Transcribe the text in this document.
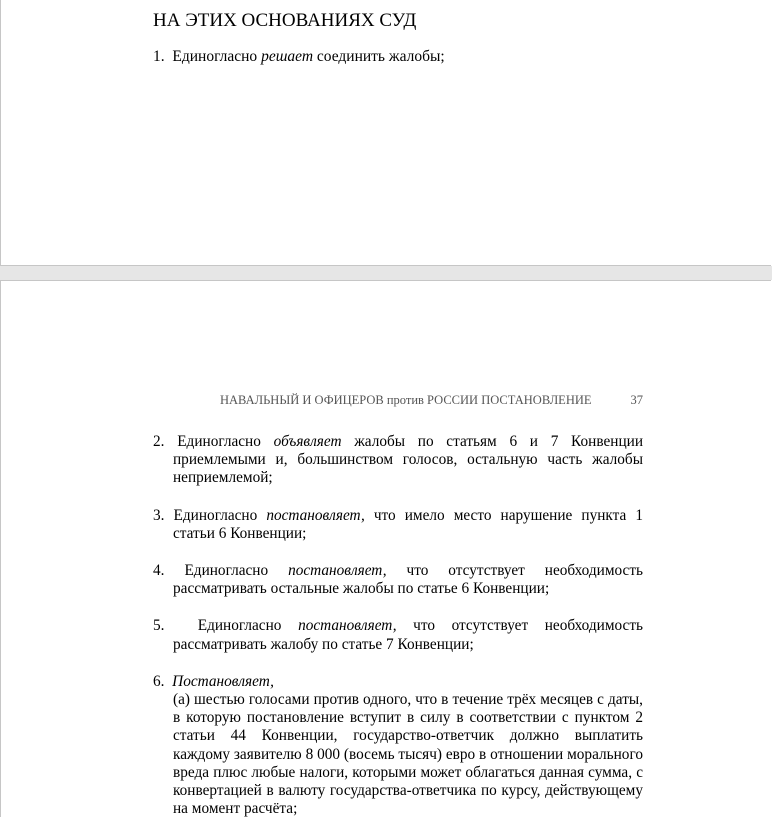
НА ЭТИХ ОСНОВАНИЯХ СУД
1. Единогласно решает соединить жалобы;
НАВАЛЬНЫЙ И ОФИЦЕРОВ против РОССИИ ПОСТАНОВЛЕНИЕ	37

2. Единогласно объявляет жалобы по статьям 6 и 7 Конвенции приемлемыми и, большинством голосов, остальную часть жалобы неприемлемой;

3. Единогласно постановляет, что имело место нарушение пункта 1 статьи 6 Конвенции;

4. Единогласно постановляет, что отсутствует необходимость рассматривать остальные жалобы по статье 6 Конвенции;

5. Единогласно постановляет, что отсутствует необходимость рассматривать жалобу по статье 7 Конвенции;

6. Постановляет,
(а) шестью голосами против одного, что в течение трёх месяцев с даты, в которую постановление вступит в силу в соответствии с пунктом 2 статьи 44 Конвенции, государство-ответчик должно выплатить каждому заявителю 8 000 (восемь тысяч) евро в отношении морального вреда плюс любые налоги, которыми может облагаться данная сумма, с конвертацией в валюту государства-ответчика по курсу, действующему на момент расчёта;
